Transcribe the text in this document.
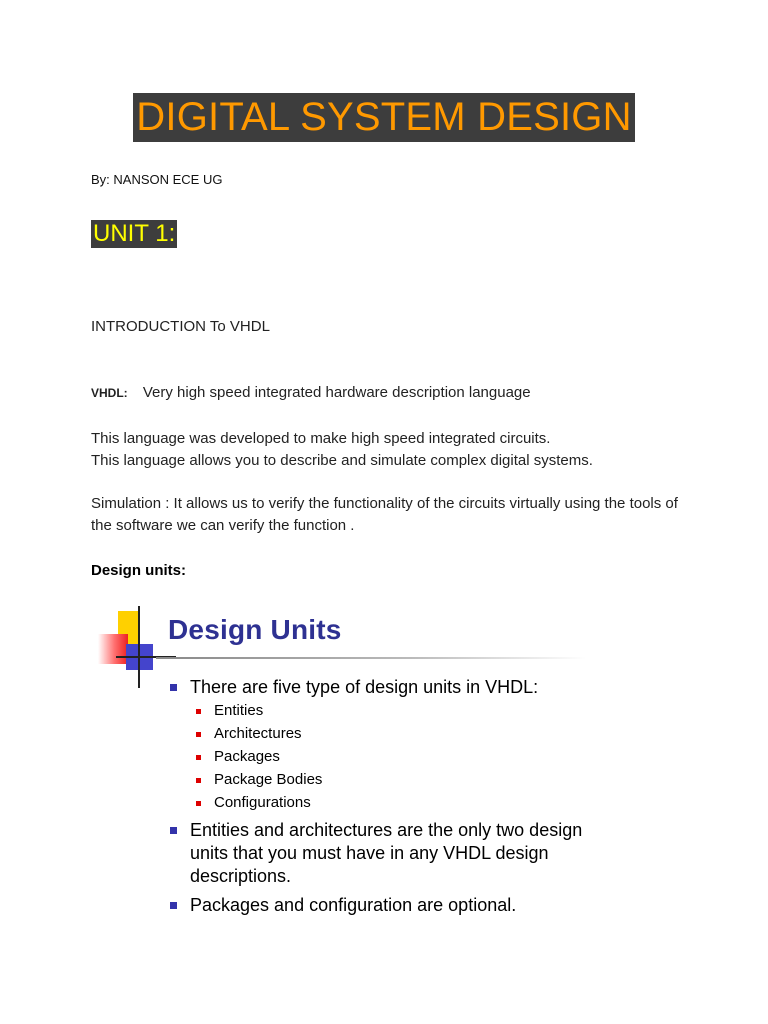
DIGITAL SYSTEM DESIGN
By: NANSON ECE UG
UNIT 1:
INTRODUCTION To VHDL
VHDL: Very high speed integrated hardware description language
This language was developed to make high speed integrated circuits.
This language allows you to describe and simulate complex digital systems.
Simulation : It allows us to verify the functionality of the circuits virtually using the tools of the software we can verify the function .
Design units:
Design Units
There are five type of design units in VHDL:
Entities
Architectures
Packages
Package Bodies
Configurations
Entities and architectures are the only two design
units that you must have in any VHDL design
descriptions.
Packages and configuration are optional.
